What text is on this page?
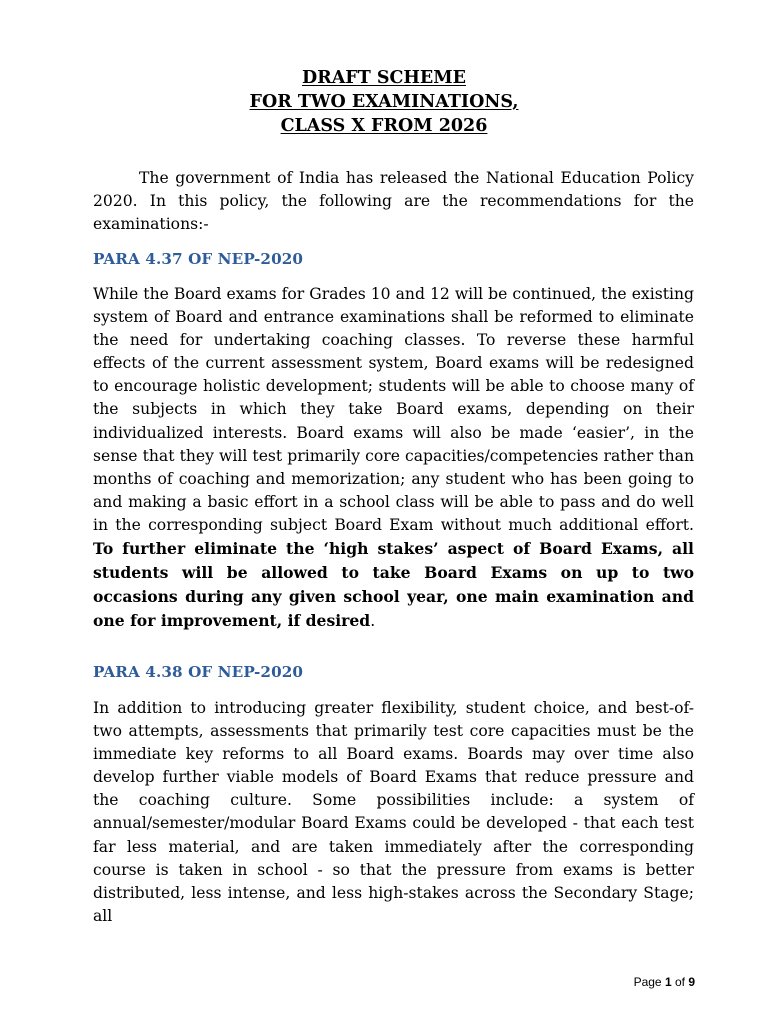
DRAFT SCHEME
FOR TWO EXAMINATIONS,
CLASS X FROM 2026
The government of India has released the National Education Policy 2020. In this policy, the following are the recommendations for the examinations:-
PARA 4.37 OF NEP-2020
While the Board exams for Grades 10 and 12 will be continued, the existing system of Board and entrance examinations shall be reformed to eliminate the need for undertaking coaching classes. To reverse these harmful effects of the current assessment system, Board exams will be redesigned to encourage holistic development; students will be able to choose many of the subjects in which they take Board exams, depending on their individualized interests. Board exams will also be made ‘easier’, in the sense that they will test primarily core capacities/competencies rather than months of coaching and memorization; any student who has been going to and making a basic effort in a school class will be able to pass and do well in the corresponding subject Board Exam without much additional effort. To further eliminate the ‘high stakes’ aspect of Board Exams, all students will be allowed to take Board Exams on up to two occasions during any given school year, one main examination and one for improvement, if desired.
PARA 4.38 OF NEP-2020
In addition to introducing greater flexibility, student choice, and best-of-two attempts, assessments that primarily test core capacities must be the immediate key reforms to all Board exams. Boards may over time also develop further viable models of Board Exams that reduce pressure and the coaching culture. Some possibilities include: a system of annual/semester/modular Board Exams could be developed - that each test far less material, and are taken immediately after the corresponding course is taken in school - so that the pressure from exams is better distributed, less intense, and less high-stakes across the Secondary Stage; all
Page 1 of 9
